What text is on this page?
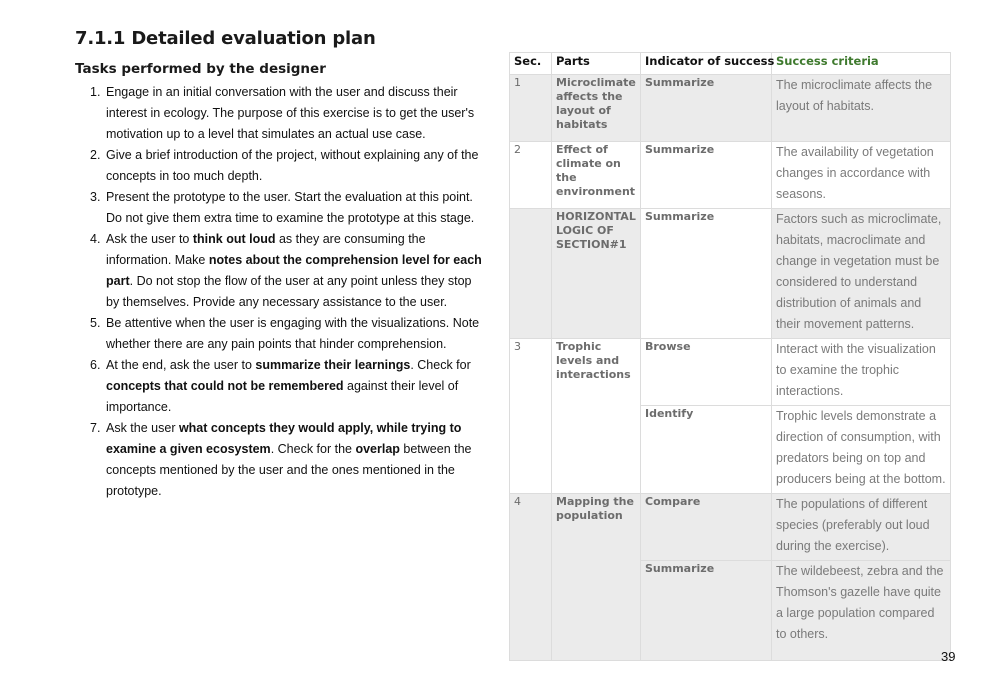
7.1.1 Detailed evaluation plan
Tasks performed by the designer
1. Engage in an initial conversation with the user and discuss their interest in ecology. The purpose of this exercise is to get the user's motivation up to a level that simulates an actual use case.
2. Give a brief introduction of the project, without explaining any of the concepts in too much depth.
3. Present the prototype to the user. Start the evaluation at this point. Do not give them extra time to examine the prototype at this stage.
4. Ask the user to think out loud as they are consuming the information. Make notes about the comprehension level for each part. Do not stop the flow of the user at any point unless they stop by themselves. Provide any necessary assistance to the user.
5. Be attentive when the user is engaging with the visualizations. Note whether there are any pain points that hinder comprehension.
6. At the end, ask the user to summarize their learnings. Check for concepts that could not be remembered against their level of importance.
7. Ask the user what concepts they would apply, while trying to examine a given ecosystem. Check for the overlap between the concepts mentioned by the user and the ones mentioned in the prototype.
Sec.	Parts	Indicator of success	Success criteria
1	Microclimate affects the layout of habitats	Summarize	The microclimate affects the layout of habitats.
2	Effect of climate on the environment	Summarize	The availability of vegetation changes in accordance with seasons.
	HORIZONTAL LOGIC OF SECTION#1	Summarize	Factors such as microclimate, habitats, macroclimate and change in vegetation must be considered to understand distribution of animals and their movement patterns.
3	Trophic levels and interactions	Browse	Interact with the visualization to examine the trophic interactions.
		Identify	Trophic levels demonstrate a direction of consumption, with predators being on top and producers being at the bottom.
4	Mapping the population	Compare	The populations of different species (preferably out loud during the exercise).
		Summarize	The wildebeest, zebra and the Thomson's gazelle have quite a large population compared to others.
39
